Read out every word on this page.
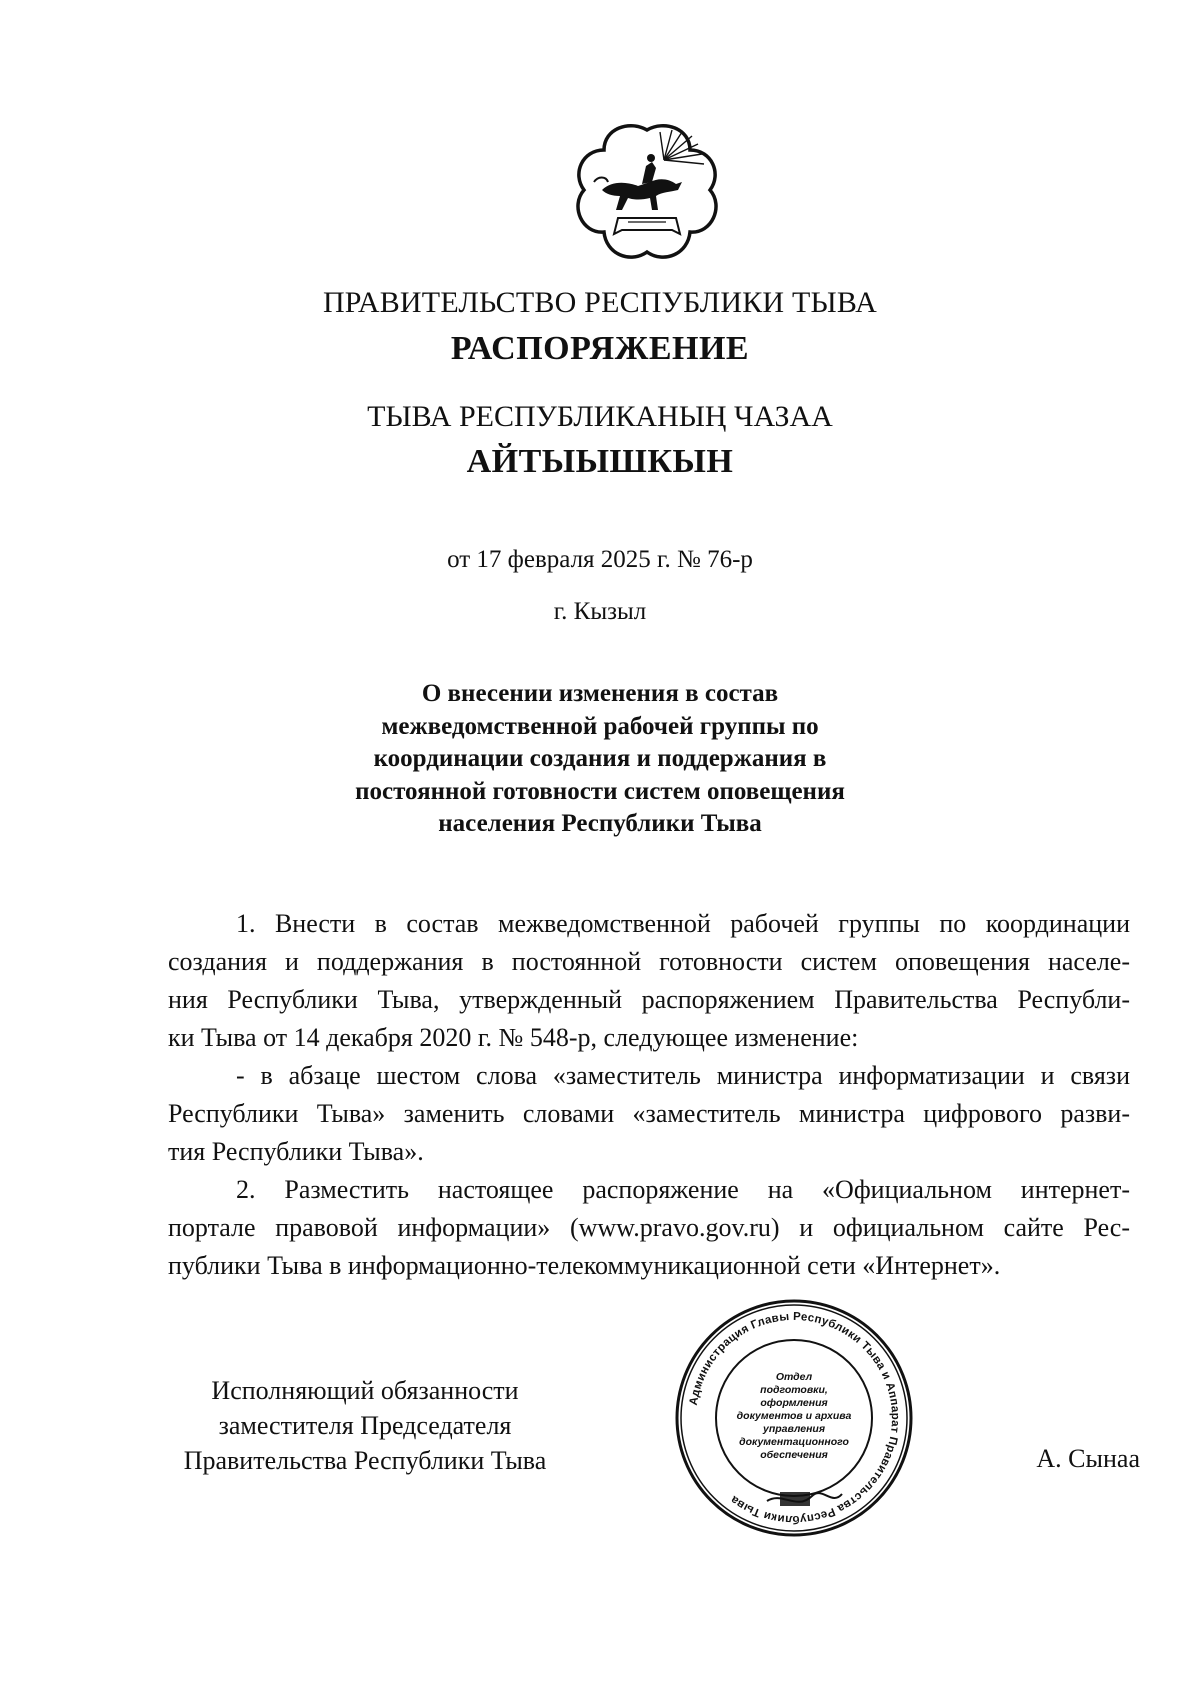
ПРАВИТЕЛЬСТВО РЕСПУБЛИКИ ТЫВА
РАСПОРЯЖЕНИЕ
ТЫВА РЕСПУБЛИКАНЫҢ ЧАЗАА
АЙТЫЫШКЫН
от 17 февраля 2025 г. № 76-р
г. Кызыл
О внесении изменения в состав
межведомственной рабочей группы по
координации создания и поддержания в
постоянной готовности систем оповещения
населения Республики Тыва
1. Внести в состав межведомственной рабочей группы по координации
создания и поддержания в постоянной готовности систем оповещения населе-
ния Республики Тыва, утвержденный распоряжением Правительства Республи-
ки Тыва от 14 декабря 2020 г. № 548-р, следующее изменение:
- в абзаце шестом слова «заместитель министра информатизации и связи
Республики Тыва» заменить словами «заместитель министра цифрового разви-
тия Республики Тыва».
2. Разместить настоящее распоряжение на «Официальном интернет-
портале правовой информации» (www.pravo.gov.ru) и официальном сайте Рес-
публики Тыва в информационно-телекоммуникационной сети «Интернет».
Исполняющий обязанности
заместителя Председателя
Правительства Республики Тыва
Администрация Главы Республики Тыва и Аппарат Правительства Республики Тыва
Отдел
подготовки,
оформления
документов и архива
управления
документационного
обеспечения	А. Сынаа
